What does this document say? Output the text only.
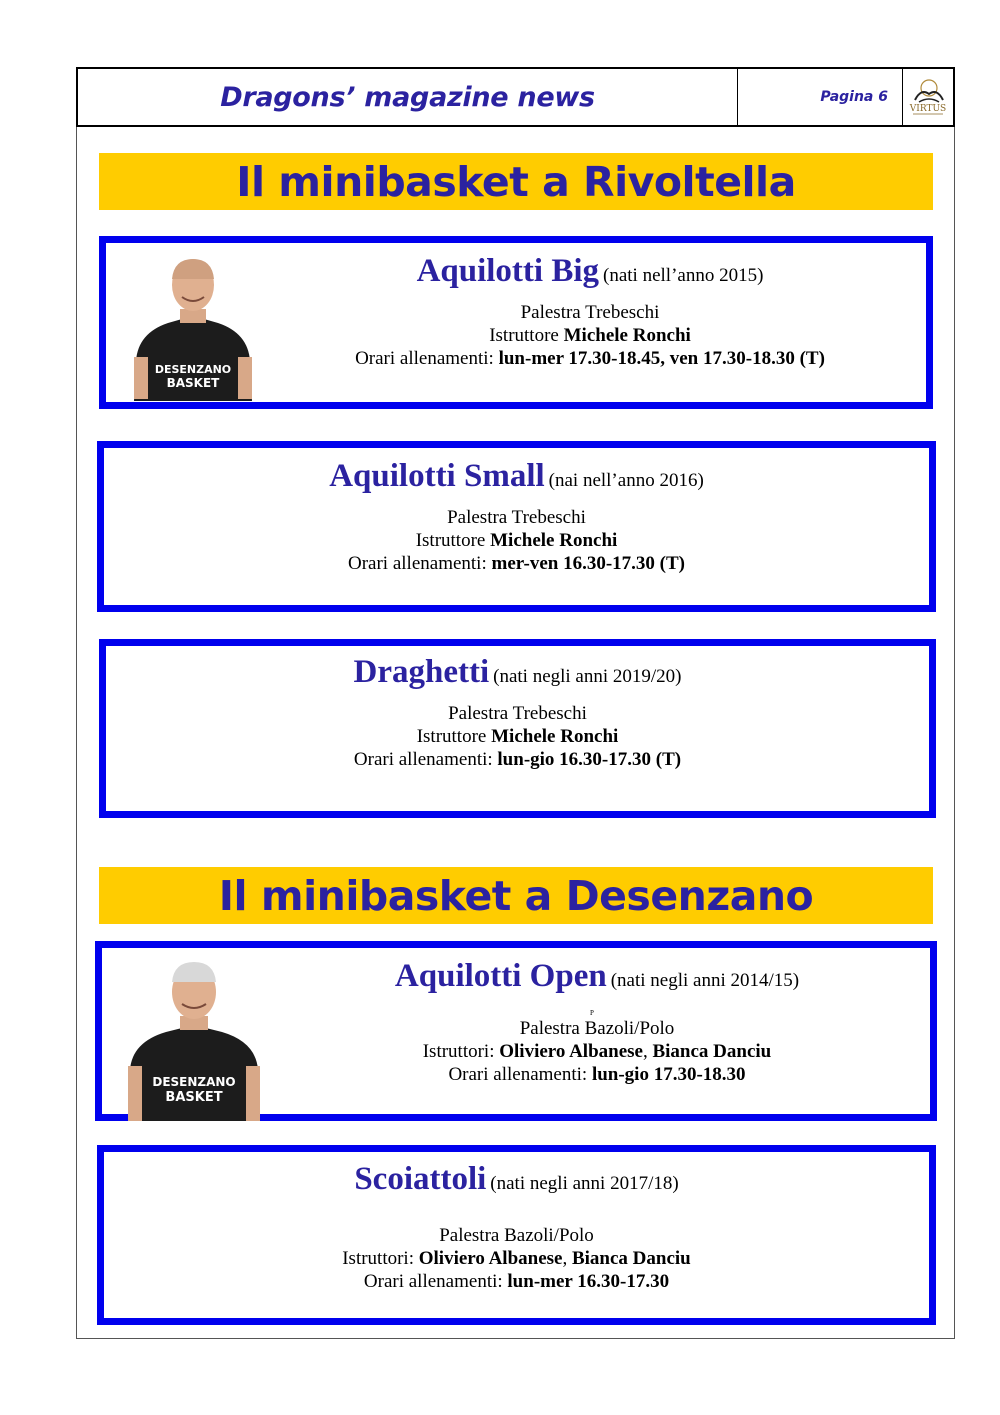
Dragons’ magazine news	Pagina 6
VIRTUS
Il minibasket a Rivoltella
DESENZANO
BASKET
Aquilotti Big (nati nell’anno 2015)
Palestra Trebeschi
Istruttore Michele Ronchi
Orari allenamenti: lun-mer 17.30-18.45, ven 17.30-18.30 (T)
Aquilotti Small (nai nell’anno 2016)
Palestra Trebeschi
Istruttore Michele Ronchi
Orari allenamenti: mer-ven 16.30-17.30 (T)
Draghetti (nati negli anni 2019/20)
Palestra Trebeschi
Istruttore Michele Ronchi
Orari allenamenti: lun-gio 16.30-17.30 (T)
Il minibasket a Desenzano
DESENZANO
BASKET
Aquilotti Open (nati negli anni 2014/15)
P
Palestra Bazoli/Polo
Istruttori: Oliviero Albanese, Bianca Danciu
Orari allenamenti: lun-gio 17.30-18.30
Scoiattoli (nati negli anni 2017/18)
Palestra Bazoli/Polo
Istruttori: Oliviero Albanese, Bianca Danciu
Orari allenamenti: lun-mer 16.30-17.30
